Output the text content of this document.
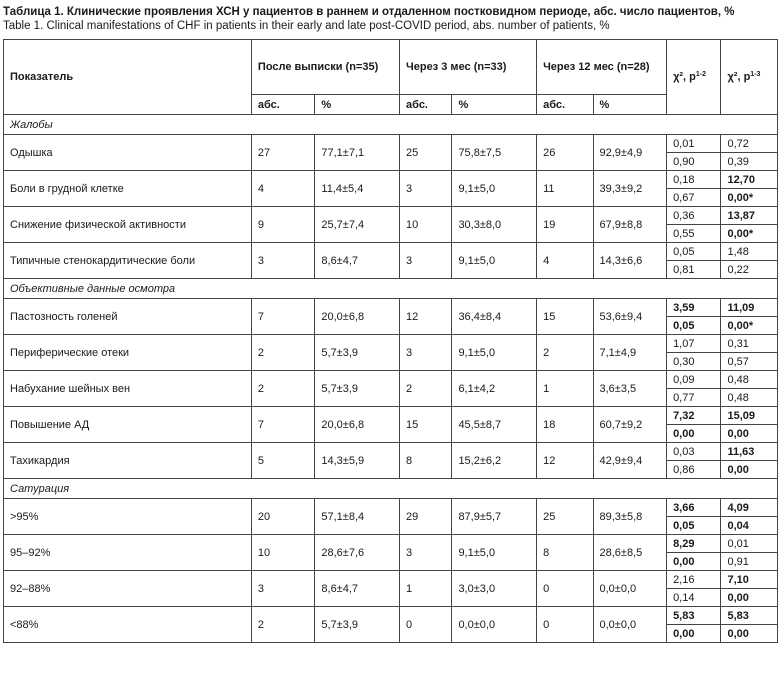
Таблица 1. Клинические проявления ХСН у пациентов в раннем и отдаленном постковидном периоде, абс. число пациентов, %
Table 1. Clinical manifestations of CHF in patients in their early and late post-COVID period, abs. number of patients, %
Показатель	После выписки (n=35)		Через 3 мес (n=33)		Через 12 мес (n=28)		χ², $p^{1-2}$	χ², $p^{1-3}$
	абс.	%	абс.	%	абс.	%		
Жалобы								
Одышка	27	77,1±7,1	25	75,8±7,5	26	92,9±4,9	0,01	0,72
							0,90	0,39
Боли в грудной клетке	4	11,4±5,4	3	9,1±5,0	11	39,3±9,2	0,18	12,70
							0,67	0,00*
Снижение физической активности	9	25,7±7,4	10	30,3±8,0	19	67,9±8,8	0,36	13,87
							0,55	0,00*
Типичные стенокардитические боли	3	8,6±4,7	3	9,1±5,0	4	14,3±6,6	0,05	1,48
							0,81	0,22
Объективные данные осмотра								
Пастозность голеней	7	20,0±6,8	12	36,4±8,4	15	53,6±9,4	3,59	11,09
							0,05	0,00*
Периферические отеки	2	5,7±3,9	3	9,1±5,0	2	7,1±4,9	1,07	0,31
							0,30	0,57
Набухание шейных вен	2	5,7±3,9	2	6,1±4,2	1	3,6±3,5	0,09	0,48
							0,77	0,48
Повышение АД	7	20,0±6,8	15	45,5±8,7	18	60,7±9,2	7,32	15,09
							0,00	0,00
Тахикардия	5	14,3±5,9	8	15,2±6,2	12	42,9±9,4	0,03	11,63
							0,86	0,00
Сатурация								
>95%	20	57,1±8,4	29	87,9±5,7	25	89,3±5,8	3,66	4,09
							0,05	0,04
95–92%	10	28,6±7,6	3	9,1±5,0	8	28,6±8,5	8,29	0,01
							0,00	0,91
92–88%	3	8,6±4,7	1	3,0±3,0	0	0,0±0,0	2,16	7,10
							0,14	0,00
<88%	2	5,7±3,9	0	0,0±0,0	0	0,0±0,0	5,83	5,83
							0,00	0,00
